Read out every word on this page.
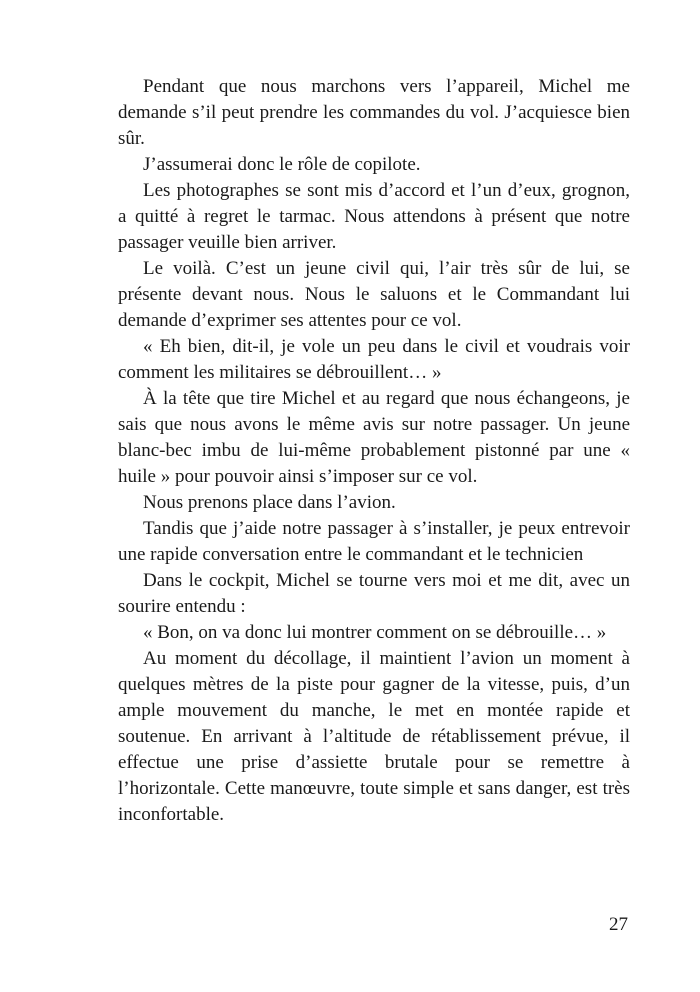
Pendant que nous marchons vers l’appareil, Michel me demande s’il peut prendre les commandes du vol. J’acquiesce bien sûr.

J’assumerai donc le rôle de copilote.

Les photographes se sont mis d’accord et l’un d’eux, grognon, a quitté à regret le tarmac. Nous attendons à présent que notre passager veuille bien arriver.

Le voilà. C’est un jeune civil qui, l’air très sûr de lui, se présente devant nous. Nous le saluons et le Commandant lui demande d’exprimer ses attentes pour ce vol.

« Eh bien, dit-il, je vole un peu dans le civil et voudrais voir comment les militaires se débrouillent… »

À la tête que tire Michel et au regard que nous échangeons, je sais que nous avons le même avis sur notre passager. Un jeune blanc-bec imbu de lui-même probablement pistonné par une « huile » pour pouvoir ainsi s’imposer sur ce vol.

Nous prenons place dans l’avion.

Tandis que j’aide notre passager à s’installer, je peux entrevoir une rapide conversation entre le commandant et le technicien

Dans le cockpit, Michel se tourne vers moi et me dit, avec un sourire entendu :

« Bon, on va donc lui montrer comment on se débrouille… »

Au moment du décollage, il maintient l’avion un moment à quelques mètres de la piste pour gagner de la vitesse, puis, d’un ample mouvement du manche, le met en montée rapide et soutenue. En arrivant à l’altitude de rétablissement prévue, il effectue une prise d’assiette brutale pour se remettre à l’horizontale. Cette manœuvre, toute simple et sans danger, est très inconfortable.

27
